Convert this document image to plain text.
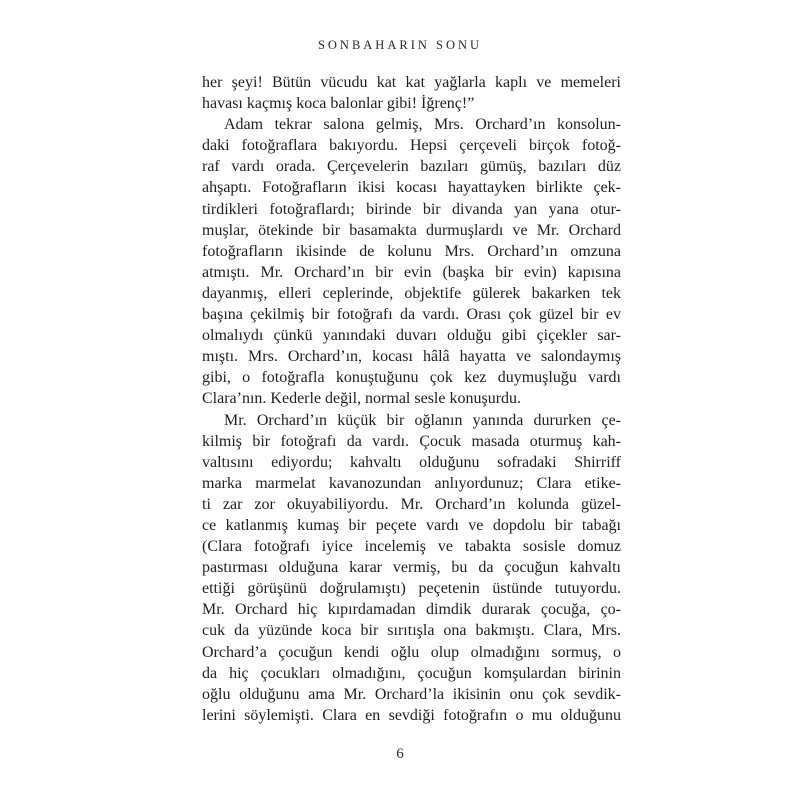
SONBAHARIN SONU
her şeyi! Bütün vücudu kat kat yağlarla kaplı ve memeleri
havası kaçmış koca balonlar gibi! İğrenç!”
Adam tekrar salona gelmiş, Mrs. Orchard’ın konsolun-
daki fotoğraflara bakıyordu. Hepsi çerçeveli birçok fotoğ-
raf vardı orada. Çerçevelerin bazıları gümüş, bazıları düz
ahşaptı. Fotoğrafların ikisi kocası hayattayken birlikte çek-
tirdikleri fotoğraflardı; birinde bir divanda yan yana otur-
muşlar, ötekinde bir basamakta durmuşlardı ve Mr. Orchard
fotoğrafların ikisinde de kolunu Mrs. Orchard’ın omzuna
atmıştı. Mr. Orchard’ın bir evin (başka bir evin) kapısına
dayanmış, elleri ceplerinde, objektife gülerek bakarken tek
başına çekilmiş bir fotoğrafı da vardı. Orası çok güzel bir ev
olmalıydı çünkü yanındaki duvarı olduğu gibi çiçekler sar-
mıştı. Mrs. Orchard’ın, kocası hâlâ hayatta ve salondaymış
gibi, o fotoğrafla konuştuğunu çok kez duymuşluğu vardı
Clara’nın. Kederle değil, normal sesle konuşurdu.
Mr. Orchard’ın küçük bir oğlanın yanında dururken çe-
kilmiş bir fotoğrafı da vardı. Çocuk masada oturmuş kah-
valtısını ediyordu; kahvaltı olduğunu sofradaki Shirriff
marka marmelat kavanozundan anlıyordunuz; Clara etike-
ti zar zor okuyabiliyordu. Mr. Orchard’ın kolunda güzel-
ce katlanmış kumaş bir peçete vardı ve dopdolu bir tabağı
(Clara fotoğrafı iyice incelemiş ve tabakta sosisle domuz
pastırması olduğuna karar vermiş, bu da çocuğun kahvaltı
ettiği görüşünü doğrulamıştı) peçetenin üstünde tutuyordu.
Mr. Orchard hiç kıpırdamadan dimdik durarak çocuğa, ço-
cuk da yüzünde koca bir sırıtışla ona bakmıştı. Clara, Mrs.
Orchard’a çocuğun kendi oğlu olup olmadığını sormuş, o
da hiç çocukları olmadığını, çocuğun komşulardan birinin
oğlu olduğunu ama Mr. Orchard’la ikisinin onu çok sevdik-
lerini söylemişti. Clara en sevdiği fotoğrafın o mu olduğunu
6
